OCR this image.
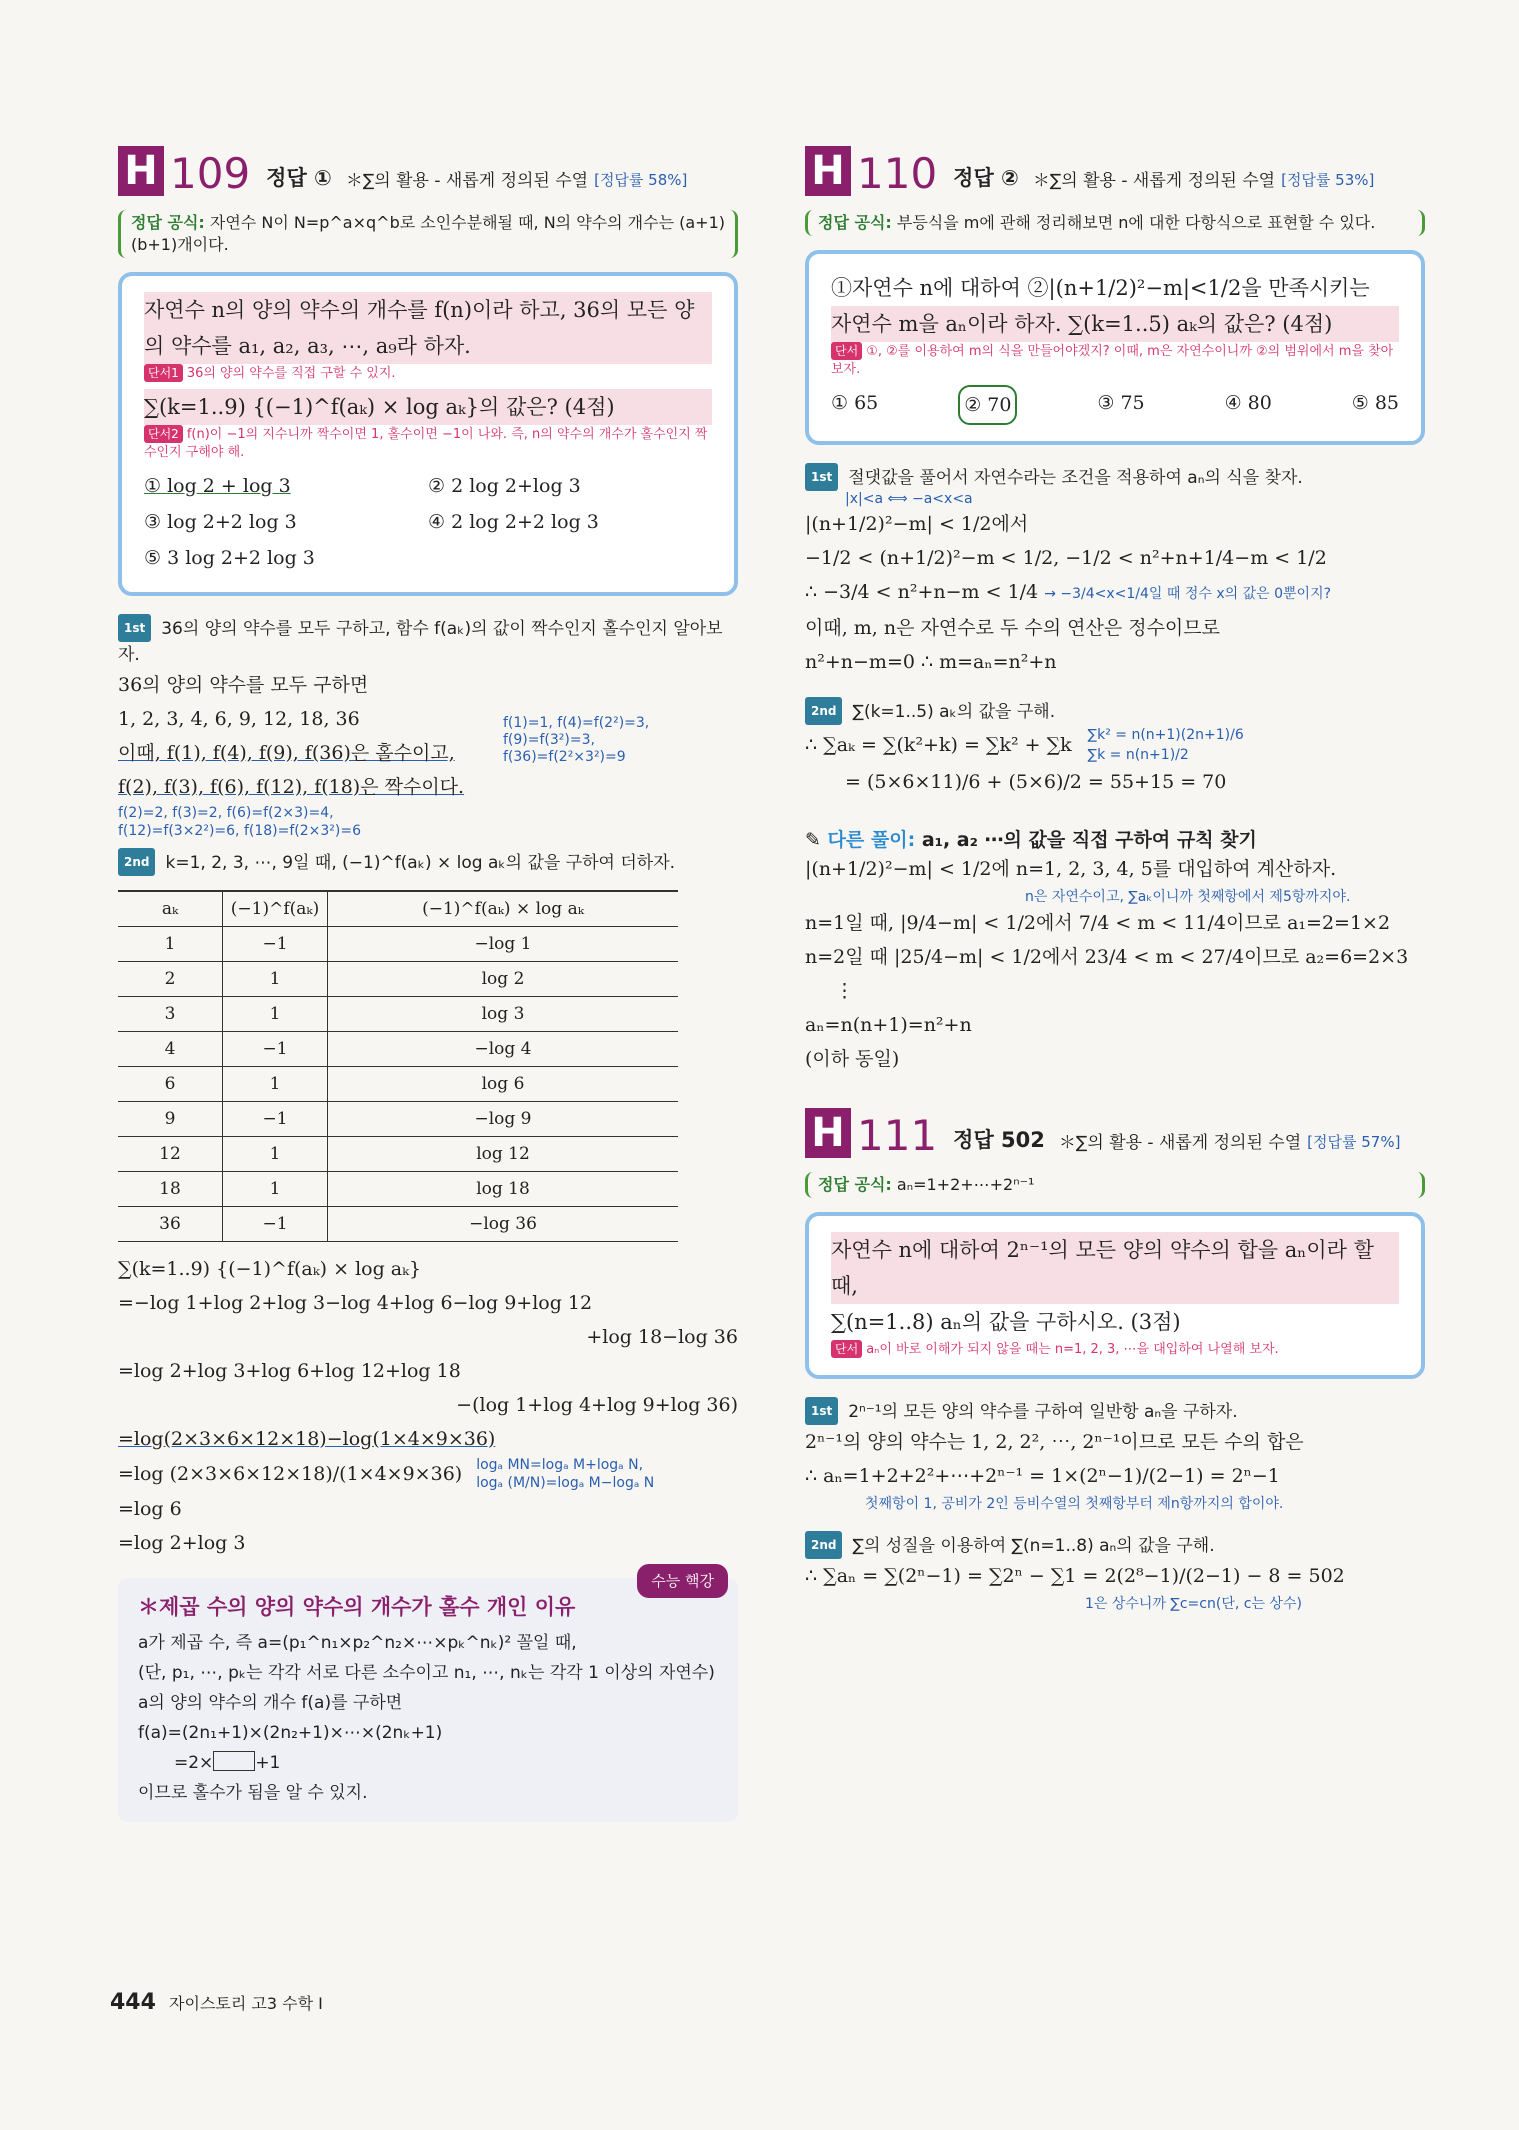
H 109 정답 ① ＊∑의 활용 - 새롭게 정의된 수열 [정답률 58%]
정답 공식: 자연수 N이 N=p^a×q^b로 소인수분해될 때, N의 약수의 개수는 (a+1)(b+1)개이다.
자연수 n의 양의 약수의 개수를 f(n)이라 하고, 36의 모든 양의 약수를 a₁, a₂, a₃, ⋯, a₉라 하자.
단서1 36의 양의 약수를 직접 구할 수 있지.
∑(k=1..9) {(−1)^f(aₖ) × log aₖ}의 값은? (4점)
단서2 f(n)이 −1의 지수니까 짝수이면 1, 홀수이면 −1이 나와. 즉, n의 약수의 개수가 홀수인지 짝수인지 구해야 해.
① log 2 + log 3	② 2 log 2+log 3
③ log 2+2 log 3	④ 2 log 2+2 log 3
⑤ 3 log 2+2 log 3
1st 36의 양의 약수를 모두 구하고, 함수 f(aₖ)의 값이 짝수인지 홀수인지 알아보자.
36의 양의 약수를 모두 구하면
1, 2, 3, 4, 6, 9, 12, 18, 36
이때, f(1), f(4), f(9), f(36)은 홀수이고,
f(2), f(3), f(6), f(12), f(18)은 짝수이다.
f(1)=1, f(4)=f(2²)=3,
f(9)=f(3²)=3,
f(36)=f(2²×3²)=9
f(2)=2, f(3)=2, f(6)=f(2×3)=4,
f(12)=f(3×2²)=6, f(18)=f(2×3²)=6
2nd k=1, 2, 3, ⋯, 9일 때, (−1)^f(aₖ) × log aₖ의 값을 구하여 더하자.
aₖ	(−1)^f(aₖ)	(−1)^f(aₖ) × log aₖ
1	−1	−log 1
2	1	log 2
3	1	log 3
4	−1	−log 4
6	1	log 6
9	−1	−log 9
12	1	log 12
18	1	log 18
36	−1	−log 36
∑(k=1..9) {(−1)^f(aₖ) × log aₖ}
=−log 1+log 2+log 3−log 4+log 6−log 9+log 12
+log 18−log 36
=log 2+log 3+log 6+log 12+log 18
−(log 1+log 4+log 9+log 36)
=log(2×3×6×12×18)−log(1×4×9×36)
=log (2×3×6×12×18)/(1×4×9×36) logₐ MN=logₐ M+logₐ N,
logₐ (M/N)=logₐ M−logₐ N
=log 6
=log 2+log 3
수능 핵강
＊제곱 수의 양의 약수의 개수가 홀수 개인 이유
a가 제곱 수, 즉 a=(p₁^n₁×p₂^n₂×⋯×pₖ^nₖ)² 꼴일 때,
(단, p₁, ⋯, pₖ는 각각 서로 다른 소수이고 n₁, ⋯, nₖ는 각각 1 이상의 자연수)
a의 양의 약수의 개수 f(a)를 구하면
f(a)=(2n₁+1)×(2n₂+1)×⋯×(2nₖ+1)
=2× +1
이므로 홀수가 됨을 알 수 있지.
H 110 정답 ② ＊∑의 활용 - 새롭게 정의된 수열 [정답률 53%]
정답 공식: 부등식을 m에 관해 정리해보면 n에 대한 다항식으로 표현할 수 있다.
①자연수 n에 대하여 ②|(n+1/2)²−m|<1/2을 만족시키는
자연수 m을 aₙ이라 하자. ∑(k=1..5) aₖ의 값은? (4점)
단서 ①, ②를 이용하여 m의 식을 만들어야겠지? 이때, m은 자연수이니까 ②의 범위에서 m을 찾아보자.
① 65	② 70	③ 75	④ 80	⑤ 85
1st 절댓값을 풀어서 자연수라는 조건을 적용하여 aₙ의 식을 찾자.
|x|<a ⟺ −a<x<a
|(n+1/2)²−m| < 1/2에서
−1/2 < (n+1/2)²−m < 1/2, −1/2 < n²+n+1/4−m < 1/2
∴ −3/4 < n²+n−m < 1/4 → −3/4<x<1/4일 때 정수 x의 값은 0뿐이지?
이때, m, n은 자연수로 두 수의 연산은 정수이므로
n²+n−m=0 ∴ m=aₙ=n²+n
2nd ∑(k=1..5) aₖ의 값을 구해.
∴ ∑aₖ = ∑(k²+k) = ∑k² + ∑k ∑k² = n(n+1)(2n+1)/6
∑k = n(n+1)/2
= (5×6×11)/6 + (5×6)/2 = 55+15 = 70
✎ 다른 풀이: a₁, a₂ ⋯의 값을 직접 구하여 규칙 찾기
|(n+1/2)²−m| < 1/2에 n=1, 2, 3, 4, 5를 대입하여 계산하자.
n은 자연수이고, ∑aₖ이니까 첫째항에서 제5항까지야.
n=1일 때, |9/4−m| < 1/2에서 7/4 < m < 11/4이므로 a₁=2=1×2
n=2일 때 |25/4−m| < 1/2에서 23/4 < m < 27/4이므로 a₂=6=2×3
⋮
aₙ=n(n+1)=n²+n
(이하 동일)
H 111 정답 502 ＊∑의 활용 - 새롭게 정의된 수열 [정답률 57%]
정답 공식: aₙ=1+2+⋯+2ⁿ⁻¹
자연수 n에 대하여 2ⁿ⁻¹의 모든 양의 약수의 합을 aₙ이라 할 때,
∑(n=1..8) aₙ의 값을 구하시오. (3점)
단서 aₙ이 바로 이해가 되지 않을 때는 n=1, 2, 3, ⋯을 대입하여 나열해 보자.
1st 2ⁿ⁻¹의 모든 양의 약수를 구하여 일반항 aₙ을 구하자.
2ⁿ⁻¹의 양의 약수는 1, 2, 2², ⋯, 2ⁿ⁻¹이므로 모든 수의 합은
∴ aₙ=1+2+2²+⋯+2ⁿ⁻¹ = 1×(2ⁿ−1)/(2−1) = 2ⁿ−1
첫째항이 1, 공비가 2인 등비수열의 첫째항부터 제n항까지의 합이야.
2nd ∑의 성질을 이용하여 ∑(n=1..8) aₙ의 값을 구해.
∴ ∑aₙ = ∑(2ⁿ−1) = ∑2ⁿ − ∑1 = 2(2⁸−1)/(2−1) − 8 = 502
1은 상수니까 ∑c=cn(단, c는 상수)
444 자이스토리 고3 수학 Ⅰ
